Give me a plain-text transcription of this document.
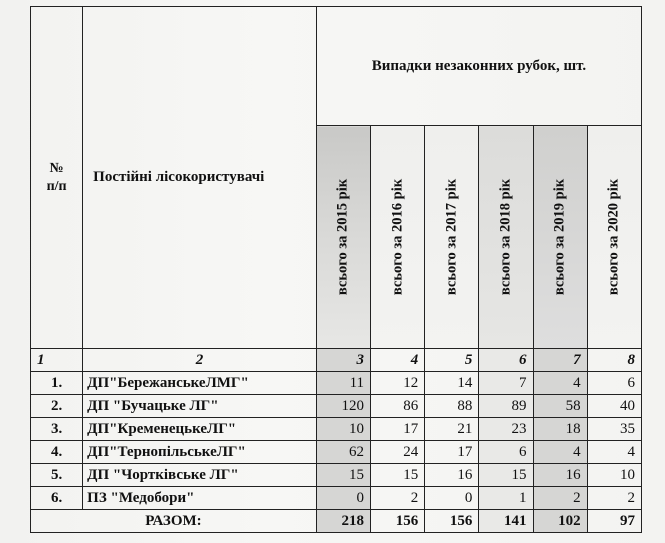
№
п/п	Постійні лісокористувачі	Випадки незаконних рубок, шт.					

		всього за 2015 рік	всього за 2016 рік	всього за 2017 рік	всього за 2018 рік	всього за 2019 рік	всього за 2020 рік

1	2	3	4	5	6	7	8
1.	ДП"БережанськеЛМГ"	11	12	14	7	4	6
2.	ДП "Бучацьке ЛГ"	120	86	88	89	58	40
3.	ДП"КременецькеЛГ"	10	17	21	23	18	35
4.	ДП"ТернопільськеЛГ"	62	24	17	6	4	4
5.	ДП "Чортківське ЛГ"	15	15	16	15	16	10
6.	ПЗ "Медобори"	0	2	0	1	2	2
РАЗОМ:		218	156	156	141	102	97
